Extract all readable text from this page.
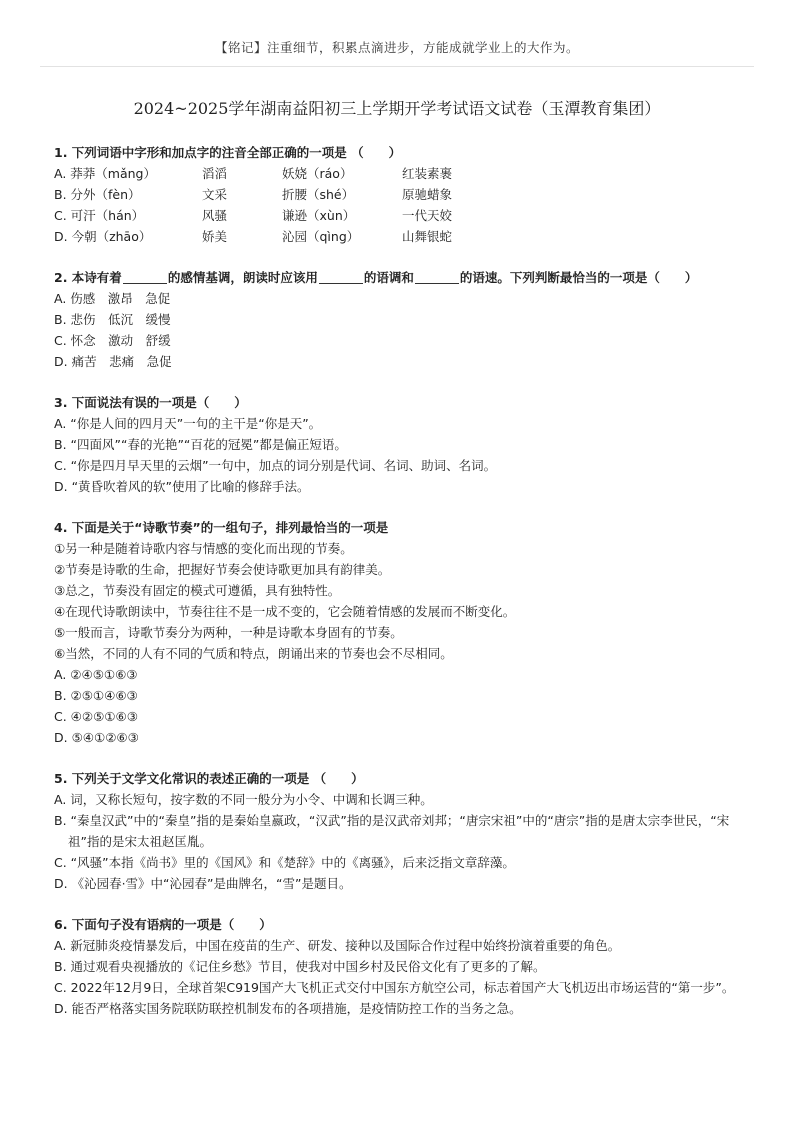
【铭记】注重细节，积累点滴进步，方能成就学业上的大作为。
2024~2025学年湖南益阳初三上学期开学考试语文试卷（玉潭教育集团）
1. 下列词语中字形和加点字的注音全部正确的一项是 （　　）
A. 莽莽（mǎng）	滔滔	妖娆（ráo）	红装素裹
B. 分外（fèn）	文采	折腰（shé）	原驰蜡象
C. 可汗（hán）	风骚	谦逊（xùn）	一代天姣
D. 今朝（zhāo）	娇美	沁园（qìng）	山舞银蛇
2. 本诗有着	的感情基调，朗读时应该用	的语调和	的语速。下列判断最恰当的一项是（　　）
A. 伤感　激昂　急促
B. 悲伤　低沉　缓慢
C. 怀念　激动　舒缓
D. 痛苦　悲痛　急促
3. 下面说法有误的一项是（　　）
A. “你是人间的四月天”一句的主干是“你是天”。
B. “四面风”“春的光艳”“百花的冠冕”都是偏正短语。
C. “你是四月早天里的云烟”一句中，加点的词分别是代词、名词、助词、名词。
D. “黄昏吹着风的软”使用了比喻的修辞手法。
4. 下面是关于“诗歌节奏”的一组句子，排列最恰当的一项是
①另一种是随着诗歌内容与情感的变化而出现的节奏。
②节奏是诗歌的生命，把握好节奏会使诗歌更加具有韵律美。
③总之，节奏没有固定的模式可遵循，具有独特性。
④在现代诗歌朗读中，节奏往往不是一成不变的，它会随着情感的发展而不断变化。
⑤一般而言，诗歌节奏分为两种，一种是诗歌本身固有的节奏。
⑥当然，不同的人有不同的气质和特点，朗诵出来的节奏也会不尽相同。
A. ②④⑤①⑥③
B. ②⑤①④⑥③
C. ④②⑤①⑥③
D. ⑤④①②⑥③
5. 下列关于文学文化常识的表述正确的一项是 （　　）
A. 词，又称长短句，按字数的不同一般分为小令、中调和长调三种。
B. “秦皇汉武”中的“秦皇”指的是秦始皇嬴政，“汉武”指的是汉武帝刘邦；“唐宗宋祖”中的“唐宗”指的是唐太宗李世民，“宋祖”指的是宋太祖赵匡胤。
C. “风骚”本指《尚书》里的《国风》和《楚辞》中的《离骚》，后来泛指文章辞藻。
D. 《沁园春·雪》中“沁园春”是曲牌名，“雪”是题目。
6. 下面句子没有语病的一项是（　　）
A. 新冠肺炎疫情暴发后，中国在疫苗的生产、研发、接种以及国际合作过程中始终扮演着重要的角色。
B. 通过观看央视播放的《记住乡愁》节目，使我对中国乡村及民俗文化有了更多的了解。
C. 2022年12月9日，全球首架C919国产大飞机正式交付中国东方航空公司，标志着国产大飞机迈出市场运营的“第一步”。
D. 能否严格落实国务院联防联控机制发布的各项措施，是疫情防控工作的当务之急。
